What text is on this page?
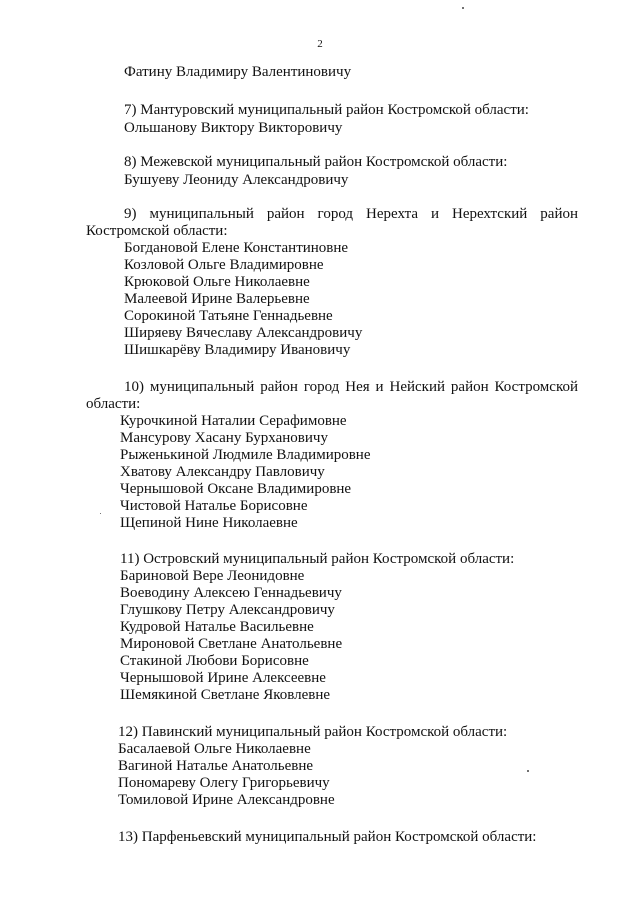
2
Фатину Владимиру Валентиновичу
7) Мантуровский муниципальный район Костромской области:
Ольшанову Виктору Викторовичу
8) Межевской муниципальный район Костромской области:
Бушуеву Леониду Александровичу
9) муниципальный район город Нерехта и Нерехтский район
Костромской области:
Богдановой Елене Константиновне
Козловой Ольге Владимировне
Крюковой Ольге Николаевне
Малеевой Ирине Валерьевне
Сорокиной Татьяне Геннадьевне
Ширяеву Вячеславу Александровичу
Шишкарёву Владимиру Ивановичу
10) муниципальный район город Нея и Нейский район Костромской
области:
Курочкиной Наталии Серафимовне
Мансурову Хасану Бурхановичу
Рыженькиной Людмиле Владимировне
Хватову Александру Павловичу
Чернышовой Оксане Владимировне
Чистовой Наталье Борисовне
Щепиной Нине Николаевне
11) Островский муниципальный район Костромской области:
Бариновой Вере Леонидовне
Воеводину Алексею Геннадьевичу
Глушкову Петру Александровичу
Кудровой Наталье Васильевне
Мироновой Светлане Анатольевне
Стакиной Любови Борисовне
Чернышовой Ирине Алексеевне
Шемякиной Светлане Яковлевне
12) Павинский муниципальный район Костромской области:
Басалаевой Ольге Николаевне
Вагиной Наталье Анатольевне
Пономареву Олегу Григорьевичу
Томиловой Ирине Александровне
13) Парфеньевский муниципальный район Костромской области:
